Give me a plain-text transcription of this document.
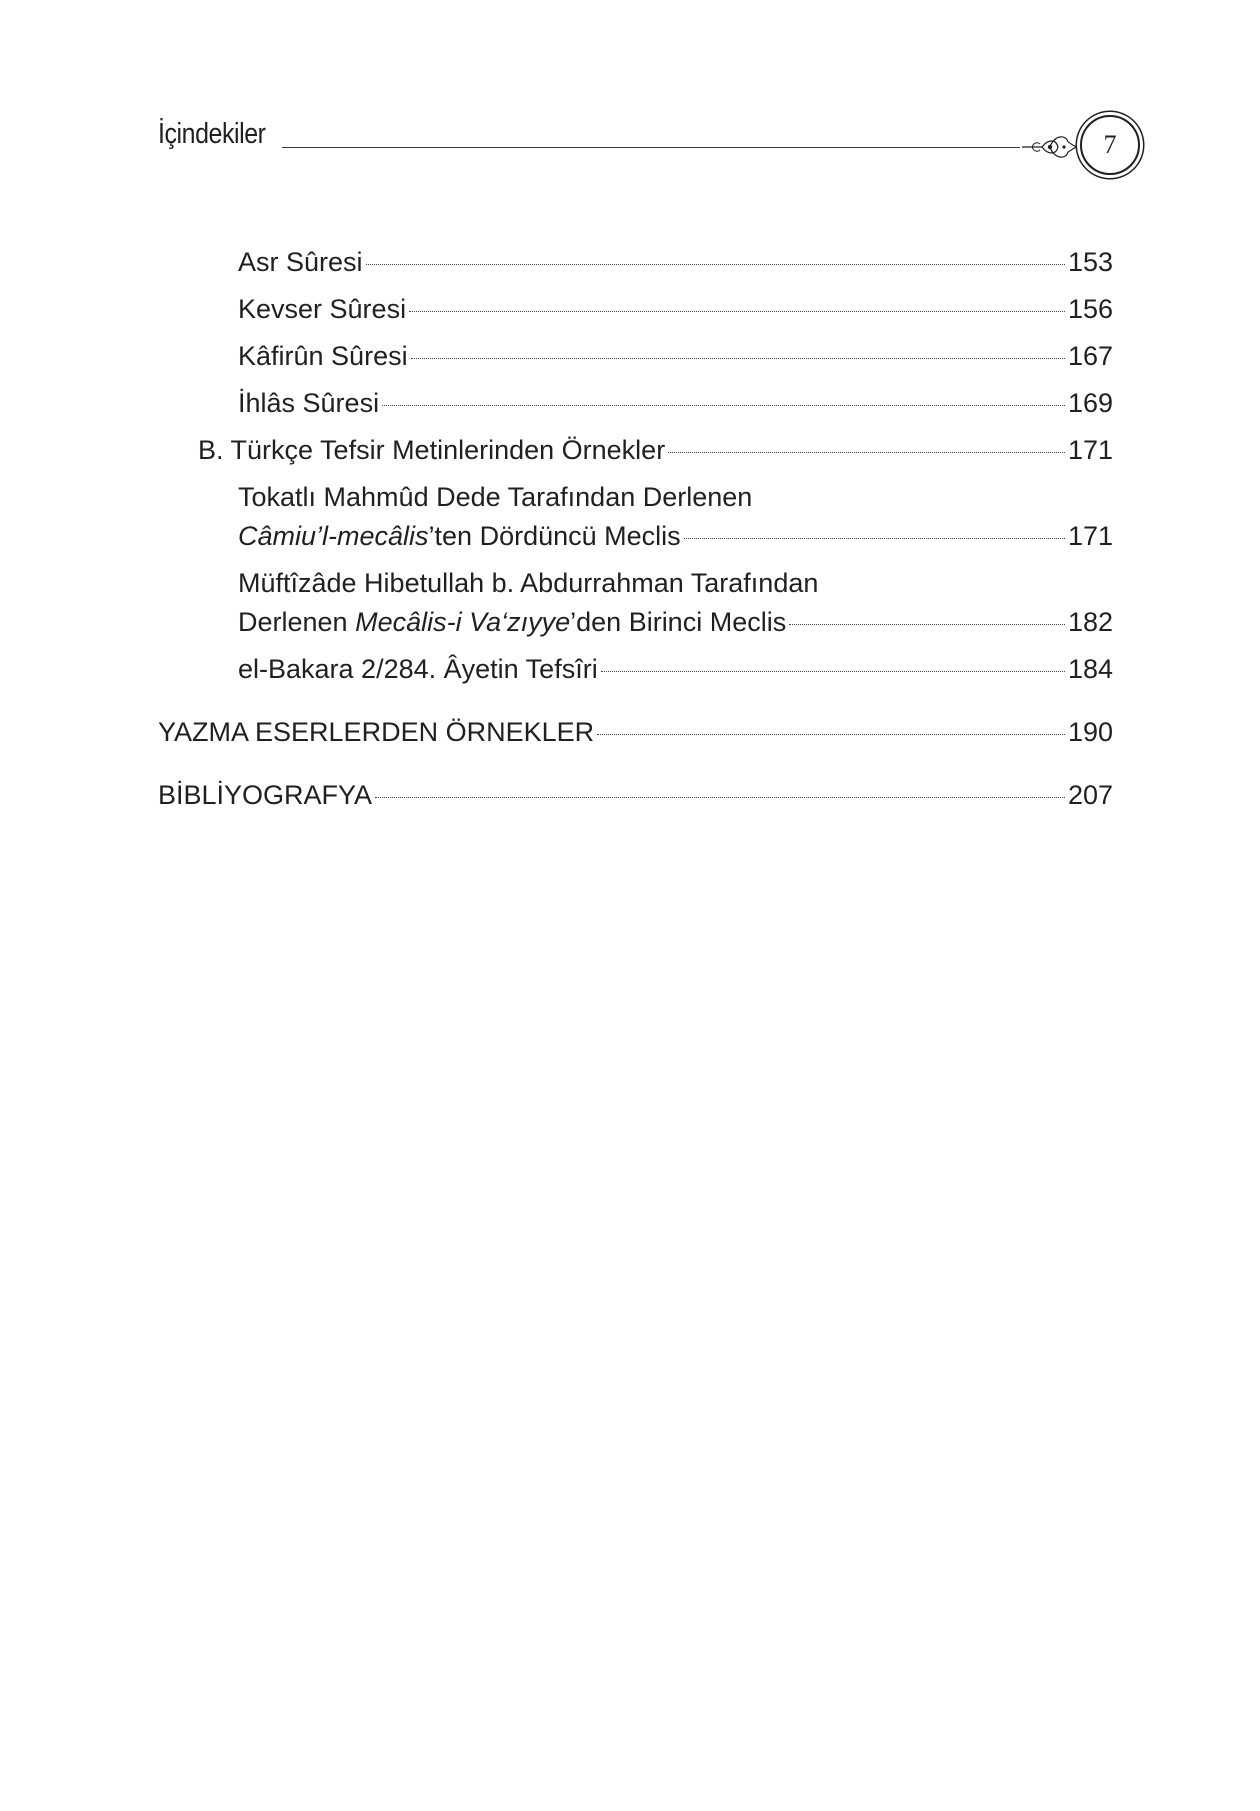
İçindekiler	7
Asr Sûresi	153
Kevser Sûresi	156
Kâfirûn Sûresi	167
İhlâs Sûresi	169
B. Türkçe Tefsir Metinlerinden Örnekler	171
Tokatlı Mahmûd Dede Tarafından Derlenen
Câmiu’l-mecâlis’ten Dördüncü Meclis	171
Müftîzâde Hibetullah b. Abdurrahman Tarafından
Derlenen Mecâlis-i Va‘zıyye’den Birinci Meclis	182
el-Bakara 2/284. Âyetin Tefsîri	184
YAZMA ESERLERDEN ÖRNEKLER	190
BİBLİYOGRAFYA	207
